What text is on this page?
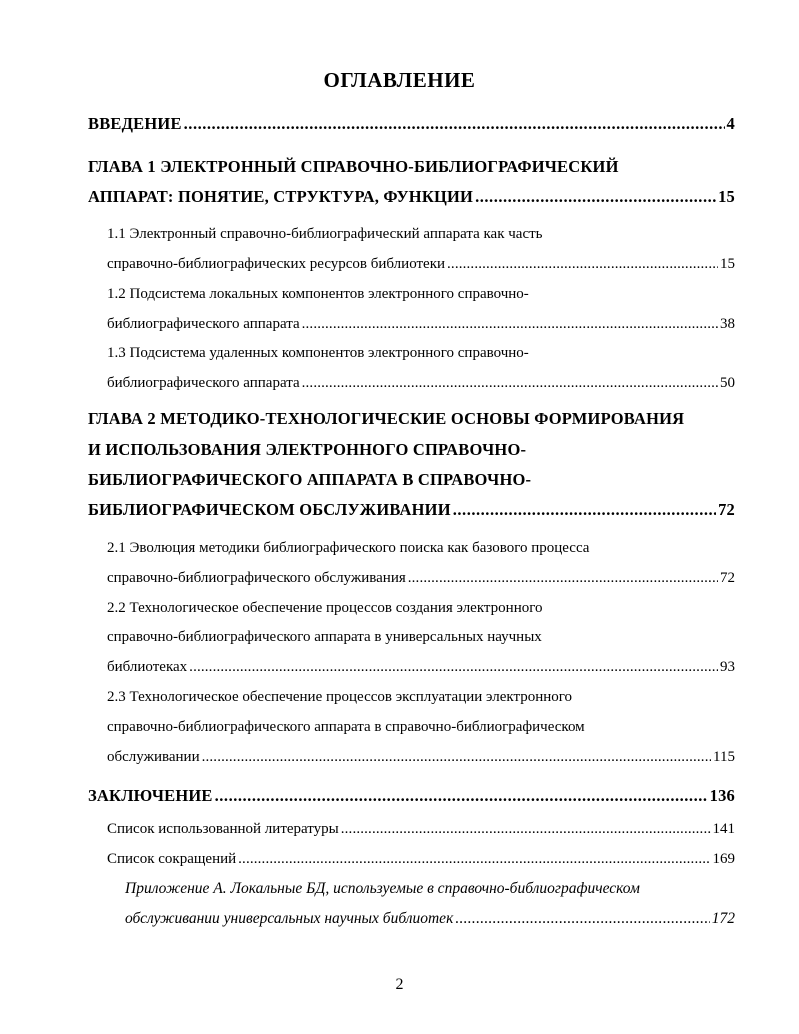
ОГЛАВЛЕНИЕ
ВВЕДЕНИЕ . . .	4
ГЛАВА 1 ЭЛЕКТРОННЫЙ СПРАВОЧНО-БИБЛИОГРАФИЧЕСКИЙ
АППАРАТ: ПОНЯТИЕ, СТРУКТУРА, ФУНКЦИИ . . .	15
1.1 Электронный справочно-библиографический аппарата как часть
справочно-библиографических ресурсов библиотеки . . .	15
1.2 Подсистема локальных компонентов электронного справочно-
библиографического аппарата . . .	38
1.3 Подсистема удаленных компонентов электронного справочно-
библиографического аппарата . . .	50
ГЛАВА 2 МЕТОДИКО-ТЕХНОЛОГИЧЕСКИЕ ОСНОВЫ ФОРМИРОВАНИЯ
И ИСПОЛЬЗОВАНИЯ ЭЛЕКТРОННОГО СПРАВОЧНО-
БИБЛИОГРАФИЧЕСКОГО АППАРАТА В СПРАВОЧНО-
БИБЛИОГРАФИЧЕСКОМ ОБСЛУЖИВАНИИ . . .	72
2.1 Эволюция методики библиографического поиска как базового процесса
справочно-библиографического обслуживания . . .	72
2.2 Технологическое обеспечение процессов создания электронного
справочно-библиографического аппарата в универсальных научных
библиотеках . . .	93
2.3 Технологическое обеспечение процессов эксплуатации электронного
справочно-библиографического аппарата в справочно-библиографическом
обслуживании . . .	115
ЗАКЛЮЧЕНИЕ . . .	136
Список использованной литературы . . .	141
Список сокращений . . .	169
Приложение А. Локальные БД, используемые в справочно-библиографическом
обслуживании универсальных научных библиотек . . .	172
2
